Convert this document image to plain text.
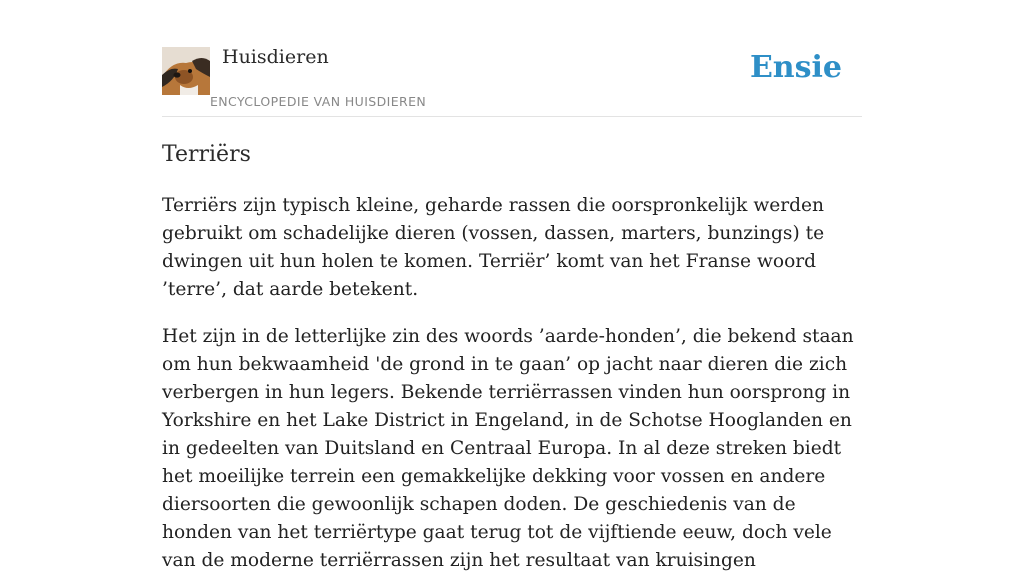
Huisdieren
ENCYCLOPEDIE VAN HUISDIEREN
Ensie
Terriërs

Terriërs zijn typisch kleine, geharde rassen die oorspronkelijk werden gebruikt om schadelijke dieren (vossen, dassen, marters, bunzings) te dwingen uit hun holen te komen. Terriër’ komt van het Franse woord ’terre’, dat aarde betekent.

Het zijn in de letterlijke zin des woords ’aarde-honden’, die bekend staan om hun bekwaamheid 'de grond in te gaan’ op jacht naar dieren die zich verbergen in hun legers. Bekende terriërrassen vinden hun oorsprong in Yorkshire en het Lake District in Engeland, in de Schotse Hooglanden en in gedeelten van Duitsland en Centraal Europa. In al deze streken biedt het moeilijke terrein een gemakkelijke dekking voor vossen en andere diersoorten die gewoonlijk schapen doden. De geschiedenis van de honden van het terriërtype gaat terug tot de vijftiende eeuw, doch vele van de moderne terriërrassen zijn het resultaat van kruisingen
